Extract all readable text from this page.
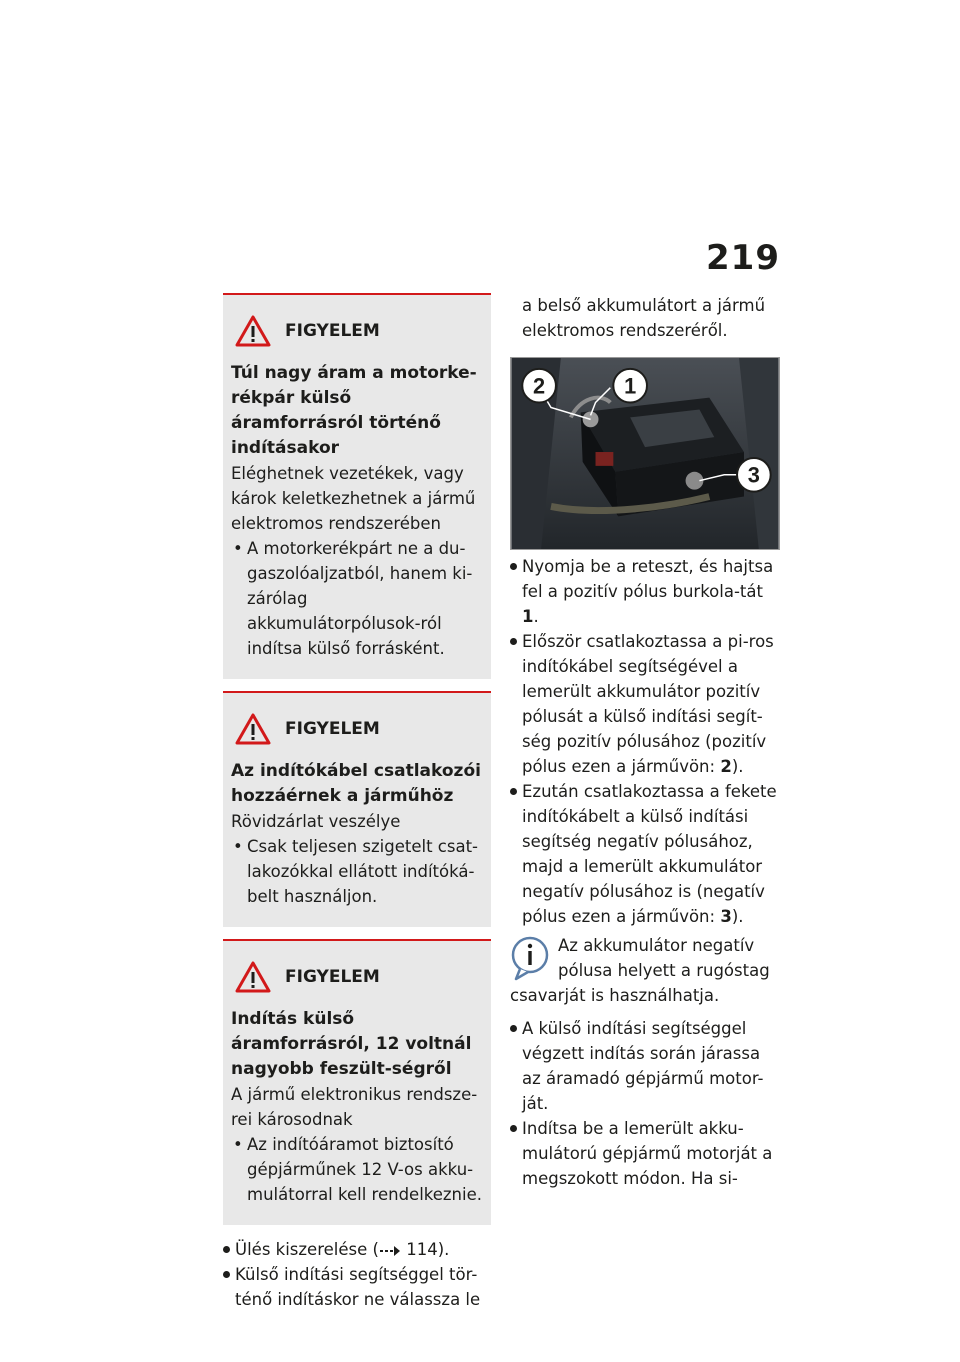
219
FIGYELEM
Túl nagy áram a motorke-rékpár külső áramforrásról történő indításakor
Eléghetnek vezetékek, vagy károk keletkezhetnek a jármű elektromos rendszerében
• A motorkerékpárt ne a du-gaszolóaljzatból, hanem ki-zárólag akkumulátorpólusok-ról indítsa külső forrásként.
FIGYELEM
Az indítókábel csatlakozói hozzáérnek a járműhöz
Rövidzárlat veszélye
• Csak teljesen szigetelt csat-lakozókkal ellátott indítóká-belt használjon.
FIGYELEM
Indítás külső áramforrásról, 12 voltnál nagyobb feszült-ségről
A jármű elektronikus rendsze-rei károsodnak
• Az indítóáramot biztosító gépjárműnek 12 V-os akku-mulátorral kell rendelkeznie.
Ülés kiszerelése ( 114).
Külső indítási segítséggel tör-ténő indításkor ne válassza le
a belső akkumulátort a jármű elektromos rendszeréről.
2	1
3
Nyomja be a reteszt, és hajtsa fel a pozitív pólus burkola-tát 1.
Először csatlakoztassa a pi-ros indítókábel segítségével a lemerült akkumulátor pozitív pólusát a külső indítási segít-ség pozitív pólusához (pozitív pólus ezen a járművön: 2).
Ezután csatlakoztassa a fekete indítókábelt a külső indítási segítség negatív pólusához, majd a lemerült akkumulátor negatív pólusához is (negatív pólus ezen a járművön: 3).
Az akkumulátor negatív pólusa helyett a rugóstag csavarját is használhatja.
A külső indítási segítséggel végzett indítás során járassa az áramadó gépjármű motor-ját.
Indítsa be a lemerült akku-mulátorú gépjármű motorját a megszokott módon. Ha si-
